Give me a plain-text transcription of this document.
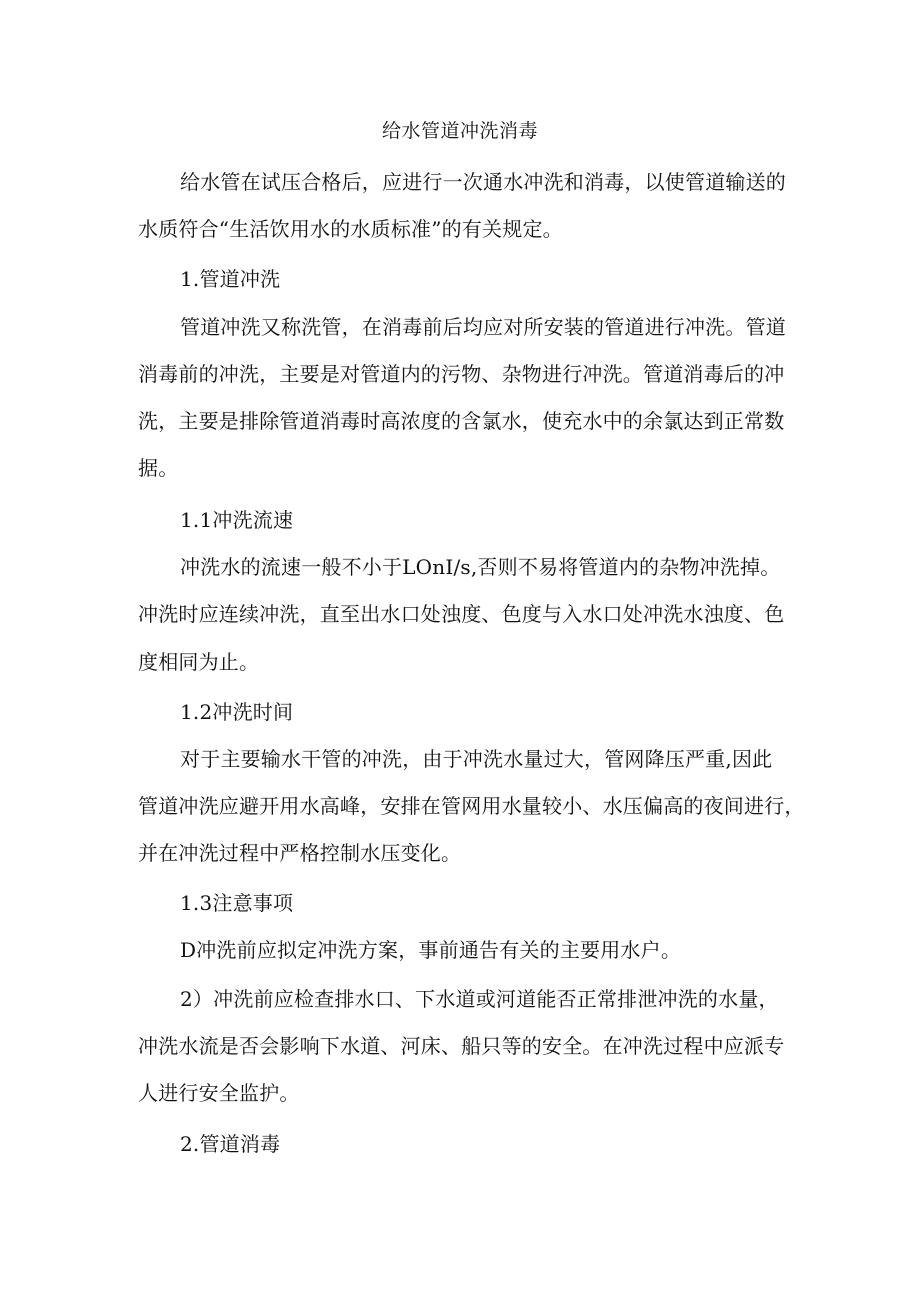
给水管道冲洗消毒
给水管在试压合格后，应进行一次通水冲洗和消毒，以使管道输送的
水质符合“生活饮用水的水质标准”的有关规定。
1.管道冲洗
管道冲洗又称洗管，在消毒前后均应对所安装的管道进行冲洗。管道
消毒前的冲洗，主要是对管道内的污物、杂物进行冲洗。管道消毒后的冲
洗，主要是排除管道消毒时高浓度的含氯水，使充水中的余氯达到正常数
据。
1.1冲洗流速
冲洗水的流速一般不小于LOnI/s,否则不易将管道内的杂物冲洗掉。
冲洗时应连续冲洗，直至出水口处浊度、色度与入水口处冲洗水浊度、色
度相同为止。
1.2冲洗时间
对于主要输水干管的冲洗，由于冲洗水量过大，管网降压严重,因此
管道冲洗应避开用水高峰，安排在管网用水量较小、水压偏高的夜间进行，
并在冲洗过程中严格控制水压变化。
1.3注意事项
D冲洗前应拟定冲洗方案，事前通告有关的主要用水户。
2）冲洗前应检查排水口、下水道或河道能否正常排泄冲洗的水量，
冲洗水流是否会影响下水道、河床、船只等的安全。在冲洗过程中应派专
人进行安全监护。
2.管道消毒
